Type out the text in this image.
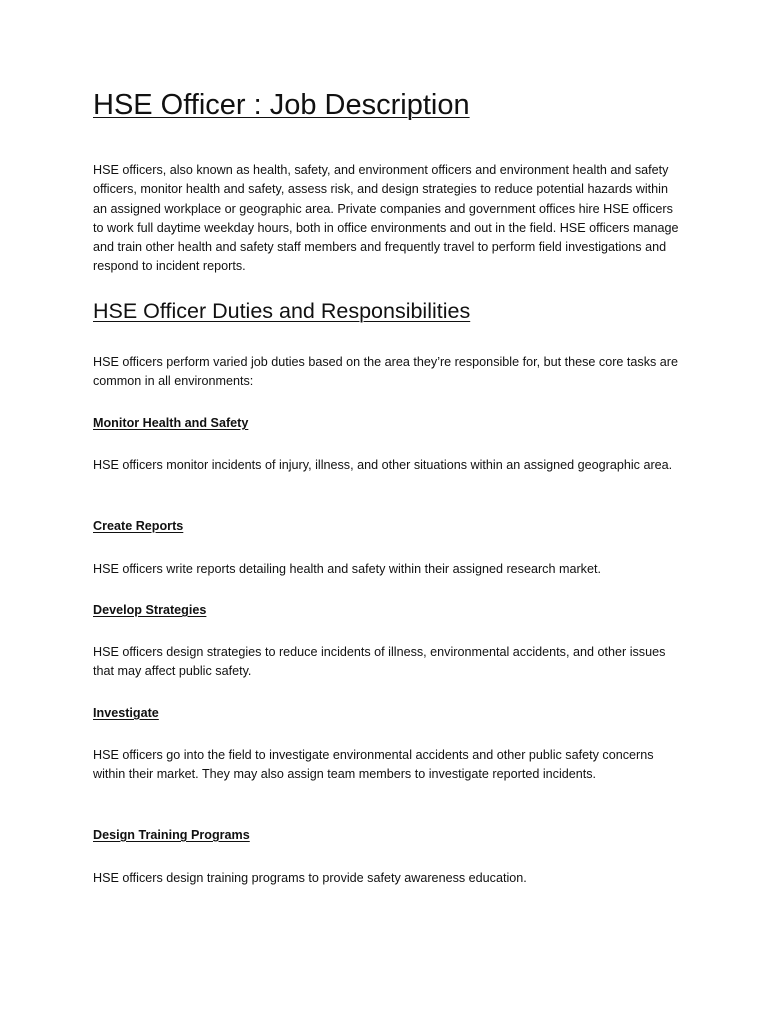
HSE Officer : Job Description

HSE officers, also known as health, safety, and environment officers and environment health and safety officers, monitor health and safety, assess risk, and design strategies to reduce potential hazards within an assigned workplace or geographic area. Private companies and government offices hire HSE officers to work full daytime weekday hours, both in office environments and out in the field. HSE officers manage and train other health and safety staff members and frequently travel to perform field investigations and respond to incident reports.

HSE Officer Duties and Responsibilities

HSE officers perform varied job duties based on the area they’re responsible for, but these core tasks are common in all environments:

Monitor Health and Safety

HSE officers monitor incidents of injury, illness, and other situations within an assigned geographic area.

Create Reports

HSE officers write reports detailing health and safety within their assigned research market.

Develop Strategies

HSE officers design strategies to reduce incidents of illness, environmental accidents, and other issues that may affect public safety.

Investigate

HSE officers go into the field to investigate environmental accidents and other public safety concerns within their market. They may also assign team members to investigate reported incidents.

Design Training Programs

HSE officers design training programs to provide safety awareness education.
